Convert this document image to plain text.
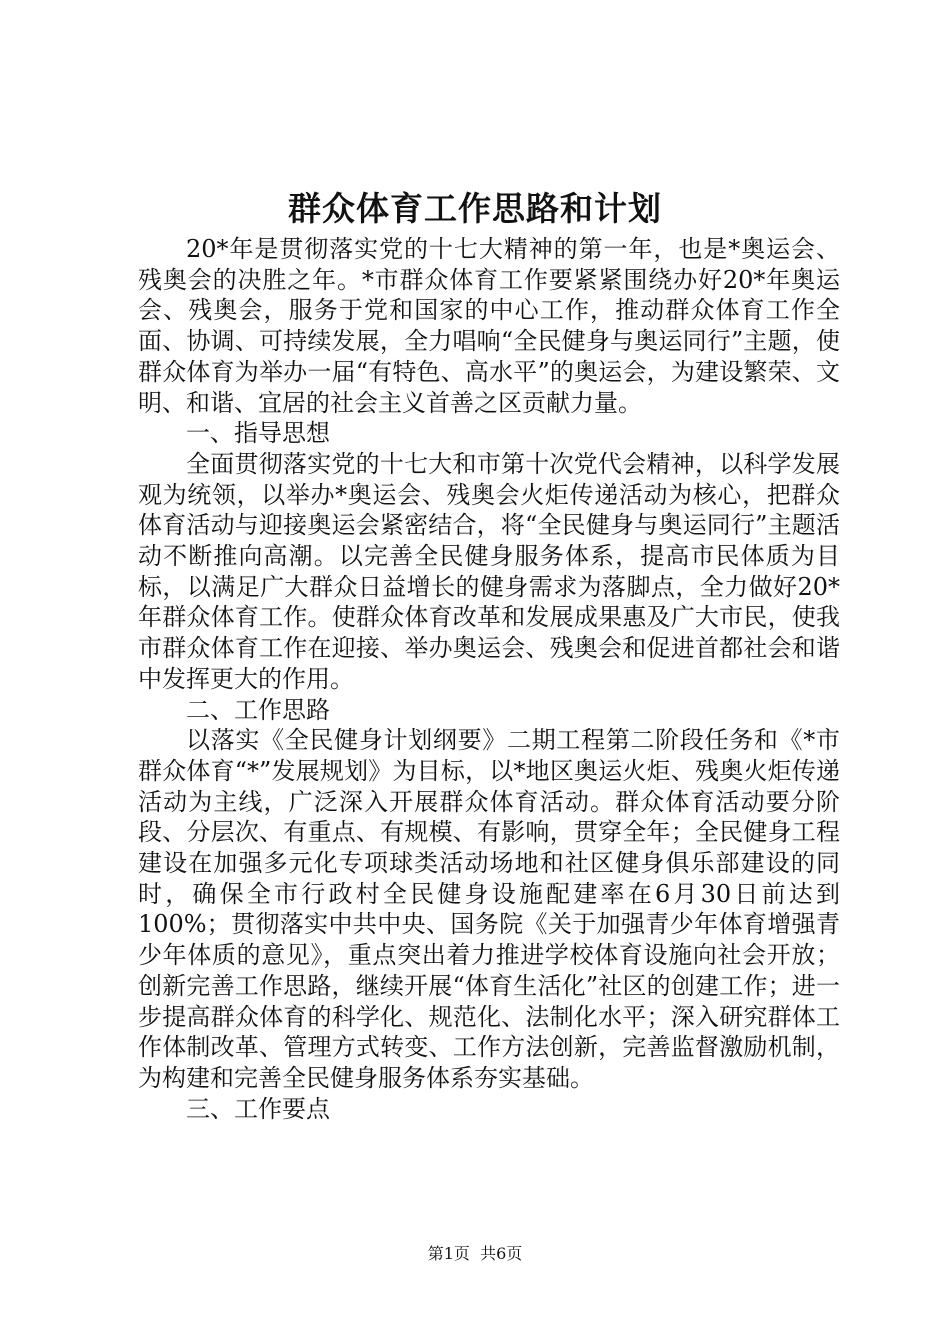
群众体育工作思路和计划

20*年是贯彻落实党的十七大精神的第一年，也是*奥运会、残奥会的决胜之年。*市群众体育工作要紧紧围绕办好20*年奥运会、残奥会，服务于党和国家的中心工作，推动群众体育工作全面、协调、可持续发展，全力唱响“全民健身与奥运同行”主题，使群众体育为举办一届“有特色、高水平”的奥运会，为建设繁荣、文明、和谐、宜居的社会主义首善之区贡献力量。

一、指导思想

全面贯彻落实党的十七大和市第十次党代会精神，以科学发展观为统领，以举办*奥运会、残奥会火炬传递活动为核心，把群众体育活动与迎接奥运会紧密结合，将“全民健身与奥运同行”主题活动不断推向高潮。以完善全民健身服务体系，提高市民体质为目标，以满足广大群众日益增长的健身需求为落脚点，全力做好20*年群众体育工作。使群众体育改革和发展成果惠及广大市民，使我市群众体育工作在迎接、举办奥运会、残奥会和促进首都社会和谐中发挥更大的作用。

二、工作思路

以落实《全民健身计划纲要》二期工程第二阶段任务和《*市群众体育“*”发展规划》为目标，以*地区奥运火炬、残奥火炬传递活动为主线，广泛深入开展群众体育活动。群众体育活动要分阶段、分层次、有重点、有规模、有影响，贯穿全年；全民健身工程建设在加强多元化专项球类活动场地和社区健身俱乐部建设的同时，确保全市行政村全民健身设施配建率在6月30日前达到100%；贯彻落实中共中央、国务院《关于加强青少年体育增强青少年体质的意见》，重点突出着力推进学校体育设施向社会开放；创新完善工作思路，继续开展“体育生活化”社区的创建工作；进一步提高群众体育的科学化、规范化、法制化水平；深入研究群体工作体制改革、管理方式转变、工作方法创新，完善监督激励机制，为构建和完善全民健身服务体系夯实基础。

三、工作要点

第1页 共6页
